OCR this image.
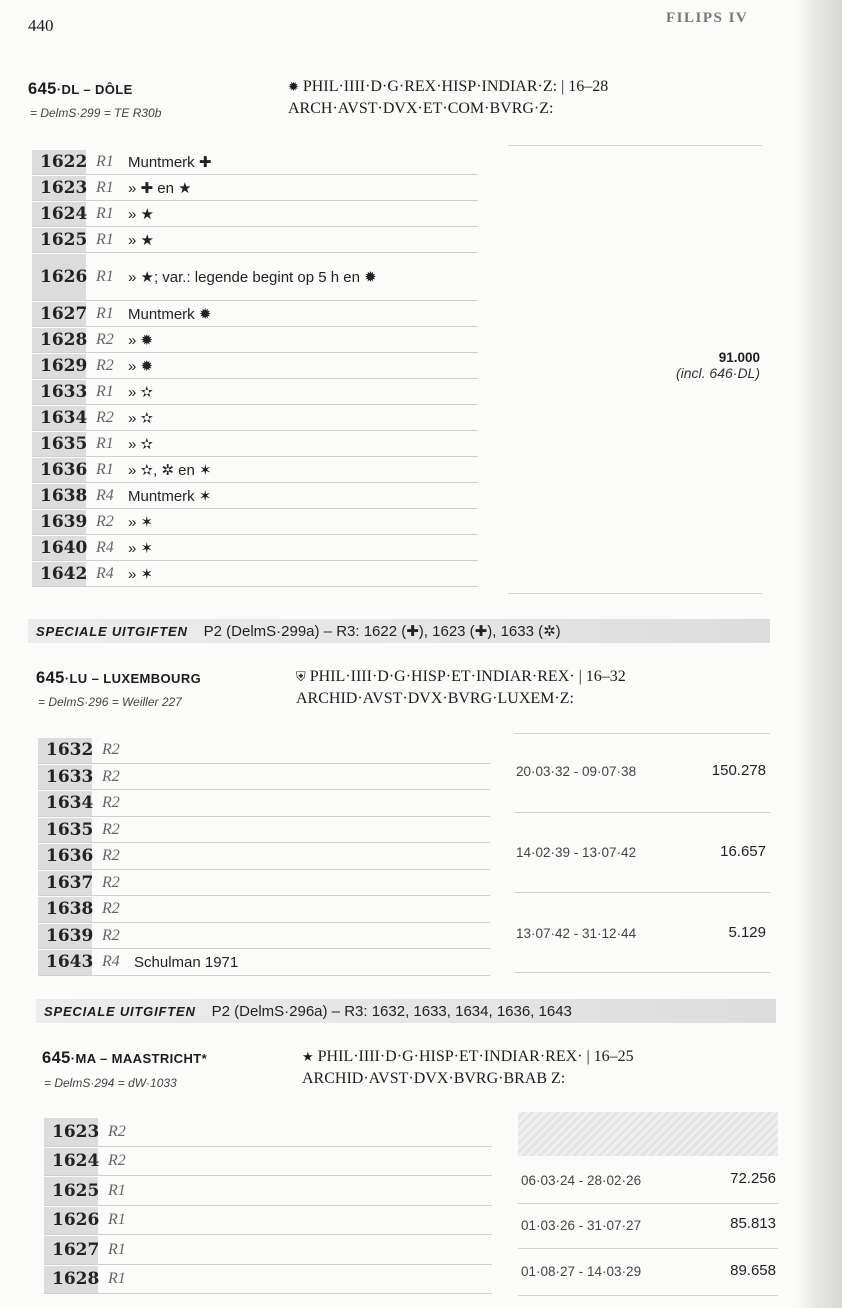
440	FILIPS IV
645·DL – DÔLE
= DelmS·299 = TE R30b
✹ PHIL·IIII·D·G·REX·HISP·INDIAR·Z: | 16–28
ARCH·AVST·DVX·ET·COM·BVRG·Z:
1622 R1 Muntmerk ✚
1623 R1 » ✚ en ★
1624 R1 » ★
1625 R1 » ★
1626 R1 » ★; var.: legende begint op 5 h en ✹
1627 R1 Muntmerk ✹
1628 R2 » ✹
1629 R2 » ✹
1633 R1 » ✫
1634 R2 » ✫
1635 R1 » ✫
1636 R1 » ✫, ✲ en ✶
1638 R4 Muntmerk ✶
1639 R2 » ✶
1640 R4 » ✶
1642 R4 » ✶
91.000
(incl. 646·DL)
SPECIALE UITGIFTEN P2 (DelmS·299a) – R3: 1622 (✚), 1623 (✚), 1633 (✲)
645·LU – LUXEMBOURG
= DelmS·296 = Weiller 227
⛨ PHIL·IIII·D·G·HISP·ET·INDIAR·REX· | 16–32
ARCHID·AVST·DVX·BVRG·LUXEM·Z:
1632 R2
1633 R2
1634 R2
1635 R2
1636 R2
1637 R2
1638 R2
1639 R2
1643 R4 Schulman 1971
20·03·32 - 09·07·38	150.278
14·02·39 - 13·07·42	16.657
13·07·42 - 31·12·44	5.129
SPECIALE UITGIFTEN P2 (DelmS·296a) – R3: 1632, 1633, 1634, 1636, 1643
645·MA – MAASTRICHT*
= DelmS·294 = dW·1033
★ PHIL·IIII·D·G·HISP·ET·INDIAR·REX· | 16–25
ARCHID·AVST·DVX·BVRG·BRAB Z:
1623 R2
1624 R2
1625 R1
1626 R1
1627 R1
1628 R1
06·03·24 - 28·02·26	72.256
01·03·26 - 31·07·27	85.813
01·08·27 - 14·03·29	89.658
